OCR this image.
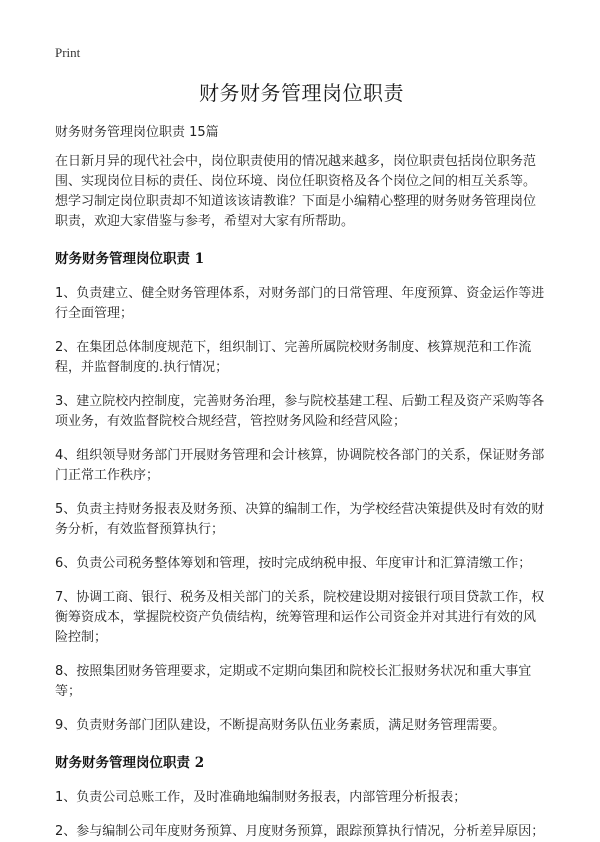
Print
财务财务管理岗位职责
财务财务管理岗位职责 15篇

在日新月异的现代社会中，岗位职责使用的情况越来越多，岗位职责包括岗位职务范围、实现岗位目标的责任、岗位环境、岗位任职资格及各个岗位之间的相互关系等。想学习制定岗位职责却不知道该该请教谁？下面是小编精心整理的财务财务管理岗位职责，欢迎大家借鉴与参考，希望对大家有所帮助。

财务财务管理岗位职责 1

1、负责建立、健全财务管理体系，对财务部门的日常管理、年度预算、资金运作等进行全面管理；

2、在集团总体制度规范下，组织制订、完善所属院校财务制度、核算规范和工作流程，并监督制度的.执行情况；

3、建立院校内控制度，完善财务治理，参与院校基建工程、后勤工程及资产采购等各项业务，有效监督院校合规经营，管控财务风险和经营风险；

4、组织领导财务部门开展财务管理和会计核算，协调院校各部门的关系，保证财务部门正常工作秩序；

5、负责主持财务报表及财务预、决算的编制工作，为学校经营决策提供及时有效的财务分析，有效监督预算执行；

6、负责公司税务整体筹划和管理，按时完成纳税申报、年度审计和汇算清缴工作；

7、协调工商、银行、税务及相关部门的关系，院校建设期对接银行项目贷款工作，权衡筹资成本，掌握院校资产负债结构，统筹管理和运作公司资金并对其进行有效的风险控制；

8、按照集团财务管理要求，定期或不定期向集团和院校长汇报财务状况和重大事宜等；

9、负责财务部门团队建设，不断提高财务队伍业务素质，满足财务管理需要。

财务财务管理岗位职责 2

1、负责公司总账工作，及时准确地编制财务报表，内部管理分析报表；

2、参与编制公司年度财务预算、月度财务预算，跟踪预算执行情况，分析差异原因；
